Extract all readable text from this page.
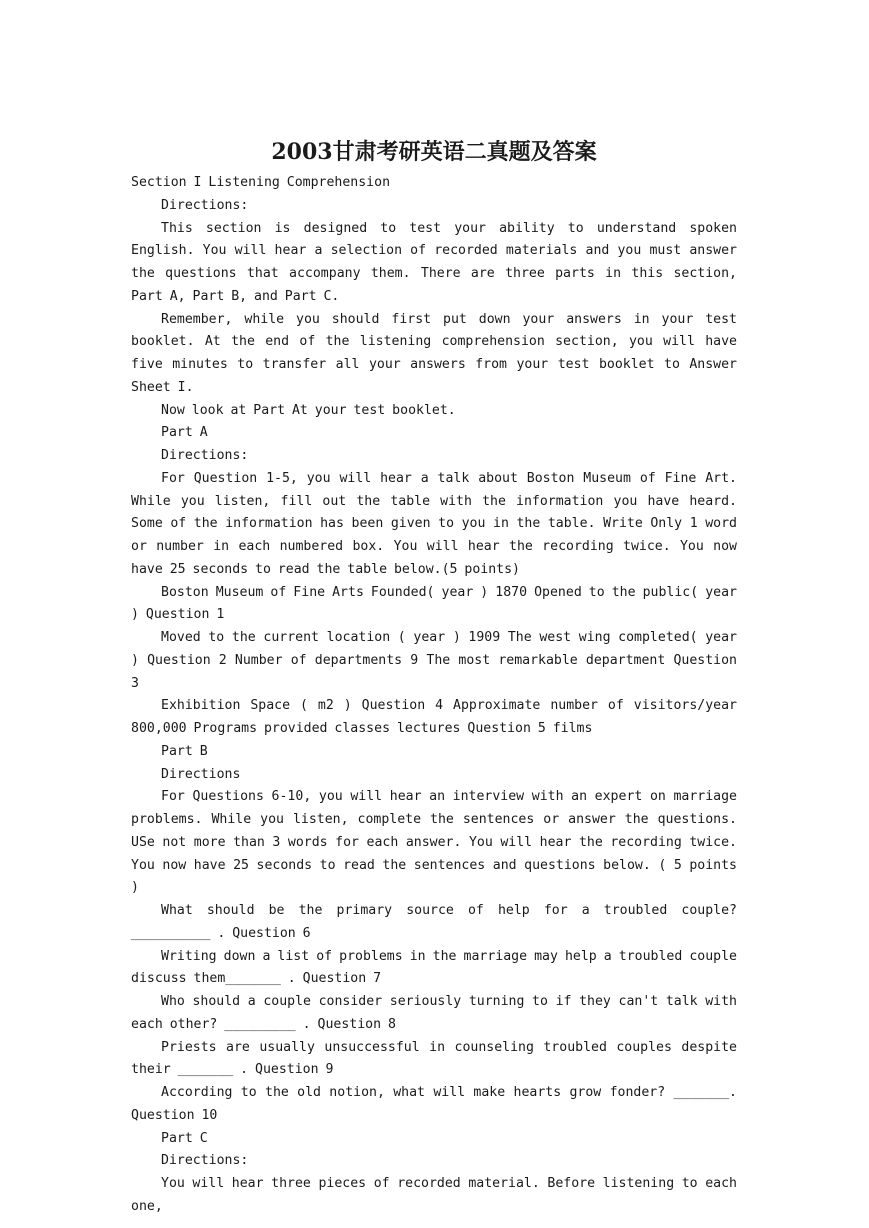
2003甘肃考研英语二真题及答案

Section I Listening Comprehension

Directions:

This section is designed to test your ability to understand spoken English. You will hear a selection of recorded materials and you must answer the questions that accompany them. There are three parts in this section, Part A, Part B, and Part C.

Remember, while you should first put down your answers in your test booklet. At the end of the listening comprehension section, you will have five minutes to transfer all your answers from your test booklet to Answer Sheet I.

Now look at Part At your test booklet.

Part A

Directions:

For Question 1-5, you will hear a talk about Boston Museum of Fine Art. While you listen, fill out the table with the information you have heard. Some of the information has been given to you in the table. Write Only 1 word or number in each numbered box. You will hear the recording twice. You now have 25 seconds to read the table below.(5 points)

Boston Museum of Fine Arts Founded( year ) 1870 Opened to the public( year ) Question 1

Moved to the current location ( year ) 1909 The west wing completed( year ) Question 2 Number of departments 9 The most remarkable department Question 3

Exhibition Space ( m2 ) Question 4 Approximate number of visitors/year 800,000 Programs provided classes lectures Question 5 films

Part B

Directions

For Questions 6-10, you will hear an interview with an expert on marriage problems. While you listen, complete the sentences or answer the questions. USe not more than 3 words for each answer. You will hear the recording twice. You now have 25 seconds to read the sentences and questions below. ( 5 points )

What should be the primary source of help for a troubled couple? __________ . Question 6

Writing down a list of problems in the marriage may help a troubled couple discuss them_______ . Question 7

Who should a couple consider seriously turning to if they can't talk with each other? _________ . Question 8

Priests are usually unsuccessful in counseling troubled couples despite their _______ . Question 9

According to the old notion, what will make hearts grow fonder? _______. Question 10

Part C

Directions:

You will hear three pieces of recorded material. Before listening to each one,
